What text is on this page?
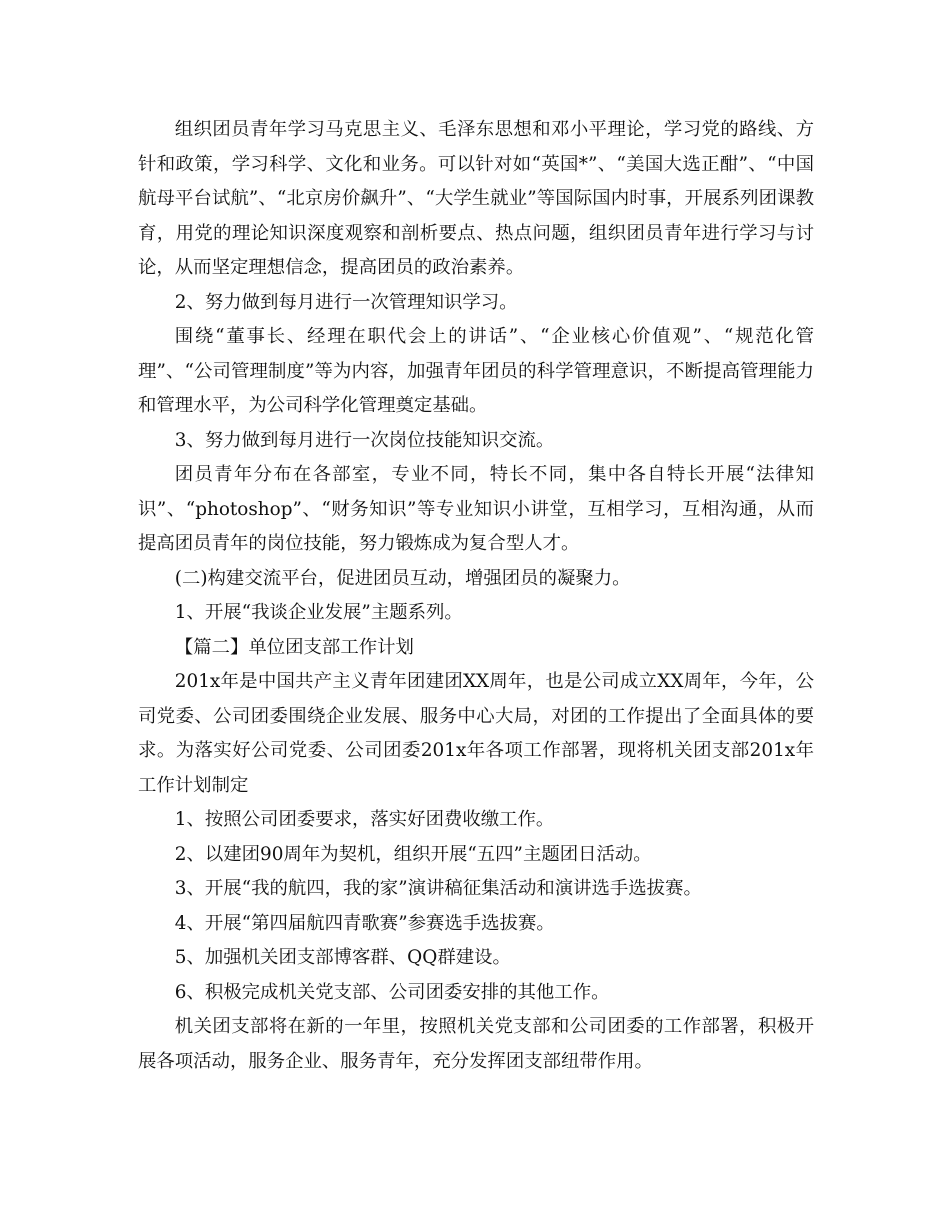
组织团员青年学习马克思主义、毛泽东思想和邓小平理论，学习党的路线、方针和政策，学习科学、文化和业务。可以针对如“英国*”、“美国大选正酣”、“中国航母平台试航”、“北京房价飙升”、“大学生就业”等国际国内时事，开展系列团课教育，用党的理论知识深度观察和剖析要点、热点问题，组织团员青年进行学习与讨论，从而坚定理想信念，提高团员的政治素养。

2、努力做到每月进行一次管理知识学习。

围绕“董事长、经理在职代会上的讲话”、“企业核心价值观”、“规范化管理”、“公司管理制度”等为内容，加强青年团员的科学管理意识，不断提高管理能力和管理水平，为公司科学化管理奠定基础。

3、努力做到每月进行一次岗位技能知识交流。

团员青年分布在各部室，专业不同，特长不同，集中各自特长开展“法律知识”、“photoshop”、“财务知识”等专业知识小讲堂，互相学习，互相沟通，从而提高团员青年的岗位技能，努力锻炼成为复合型人才。

(二)构建交流平台，促进团员互动，增强团员的凝聚力。

1、开展“我谈企业发展”主题系列。

【篇二】单位团支部工作计划

201x年是中国共产主义青年团建团XX周年，也是公司成立XX周年，今年，公司党委、公司团委围绕企业发展、服务中心大局，对团的工作提出了全面具体的要求。为落实好公司党委、公司团委201x年各项工作部署，现将机关团支部201x年工作计划制定

1、按照公司团委要求，落实好团费收缴工作。

2、以建团90周年为契机，组织开展“五四”主题团日活动。

3、开展“我的航四，我的家”演讲稿征集活动和演讲选手选拔赛。

4、开展“第四届航四青歌赛”参赛选手选拔赛。

5、加强机关团支部博客群、QQ群建设。

6、积极完成机关党支部、公司团委安排的其他工作。

机关团支部将在新的一年里，按照机关党支部和公司团委的工作部署，积极开展各项活动，服务企业、服务青年，充分发挥团支部纽带作用。
